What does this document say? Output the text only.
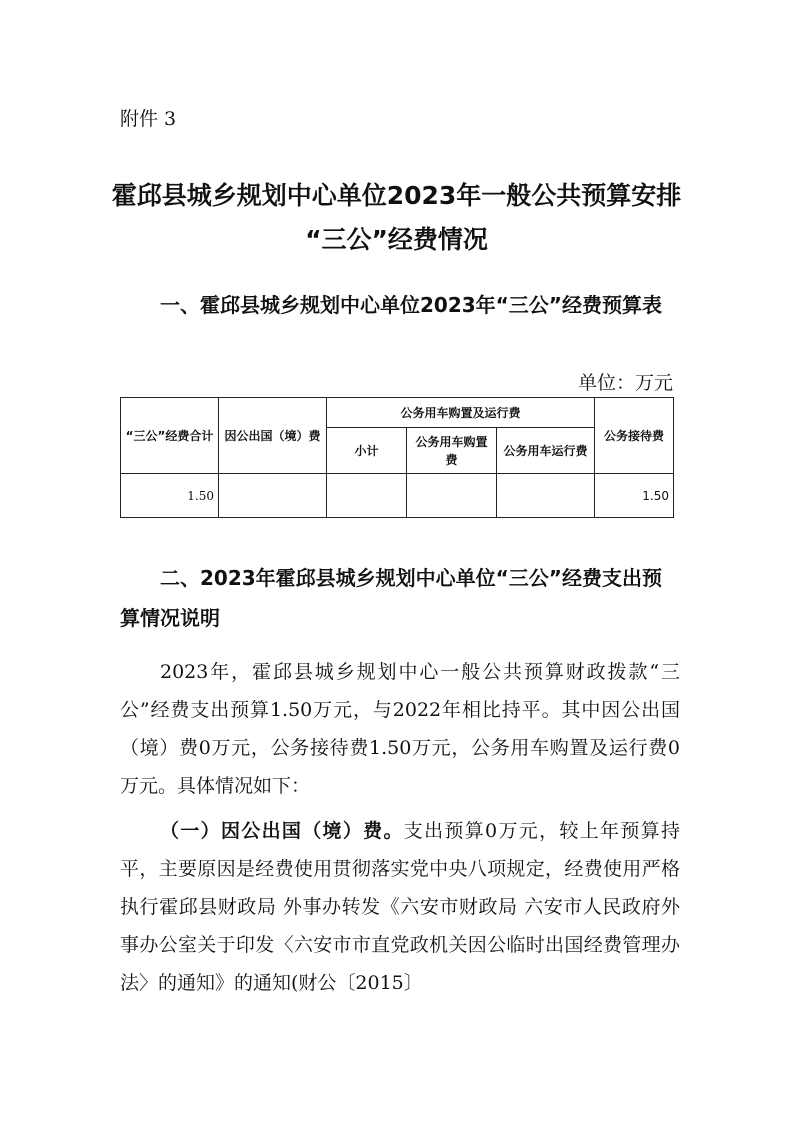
附件 3
霍邱县城乡规划中心单位2023年一般公共预算安排
“三公”经费情况
一、霍邱县城乡规划中心单位2023年“三公”经费预算表
单位：万元
“三公”经费合计	因公出国（境）费	公务用车购置及运行费			公务接待费
		小计	公务用车购置费	公务用车运行费	
1.50					1.50
二、2023年霍邱县城乡规划中心单位“三公”经费支出预算情况说明
2023年，霍邱县城乡规划中心一般公共预算财政拨款“三公”经费支出预算1.50万元，与2022年相比持平。其中因公出国（境）费0万元，公务接待费1.50万元，公务用车购置及运行费0万元。具体情况如下：
（一）因公出国（境）费。支出预算0万元，较上年预算持平，主要原因是经费使用贯彻落实党中央八项规定，经费使用严格执行霍邱县财政局 外事办转发《六安市财政局 六安市人民政府外事办公室关于印发〈六安市市直党政机关因公临时出国经费管理办法〉的通知》的通知(财公〔2015〕
